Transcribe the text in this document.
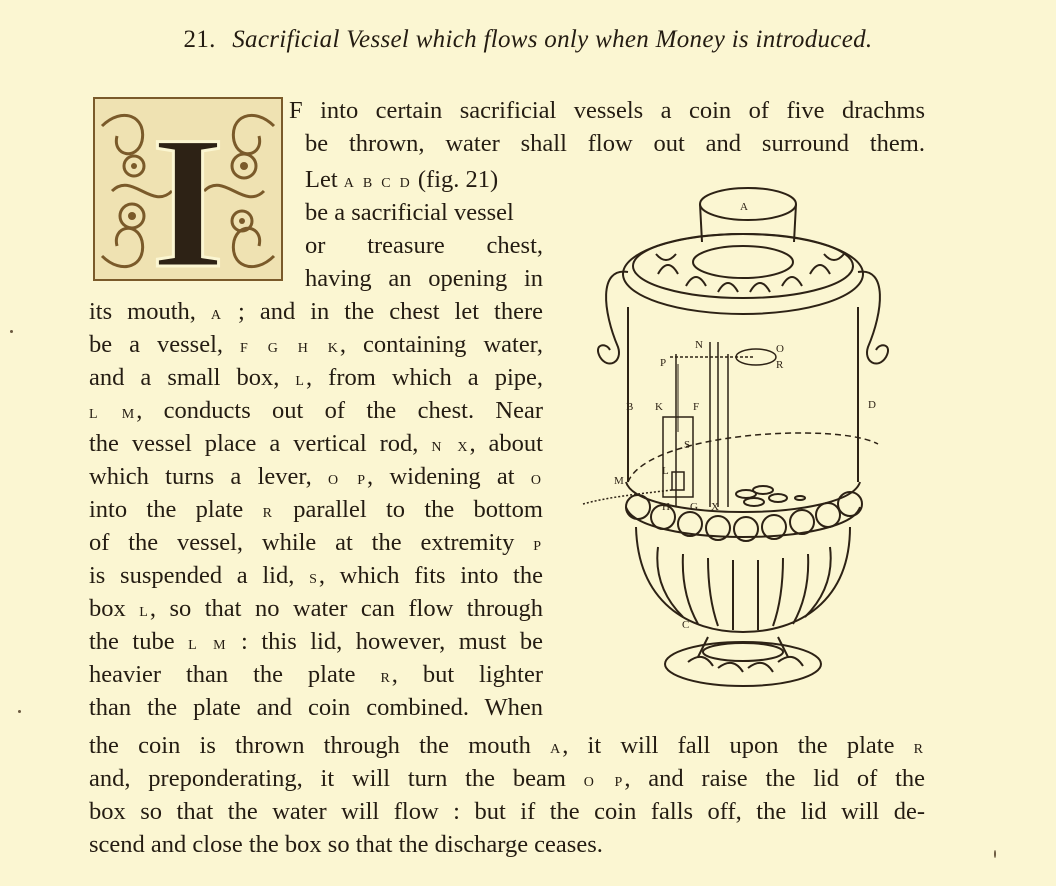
21. Sacrificial Vessel which flows only when Money is introduced.
I	F into certain sacrificial vessels a coin of five drachms
be thrown, water shall flow out and surround them.
Let a b c d (fig. 21)
be a sacrificial vessel
or treasure chest,
having an opening in
its mouth, a ; and in the chest let there
be a vessel, f g h k, containing water,
and a small box, l, from which a pipe,
l m, conducts out of the chest. Near
the vessel place a vertical rod, n x, about
which turns a lever, o p, widening at o
into the plate r parallel to the bottom
of the vessel, while at the extremity p
is suspended a lid, s, which fits into the
box l, so that no water can flow through
the tube l m : this lid, however, must be
heavier than the plate r, but lighter
than the plate and coin combined. When
the coin is thrown through the mouth a, it will fall upon the plate r
and, preponderating, it will turn the beam o p, and raise the lid of the
box so that the water will flow : but if the coin falls off, the lid will de-
scend and close the box so that the discharge ceases.
A
B
C
D
K	F
G
H
L
M
N	O
P	R
S
X
